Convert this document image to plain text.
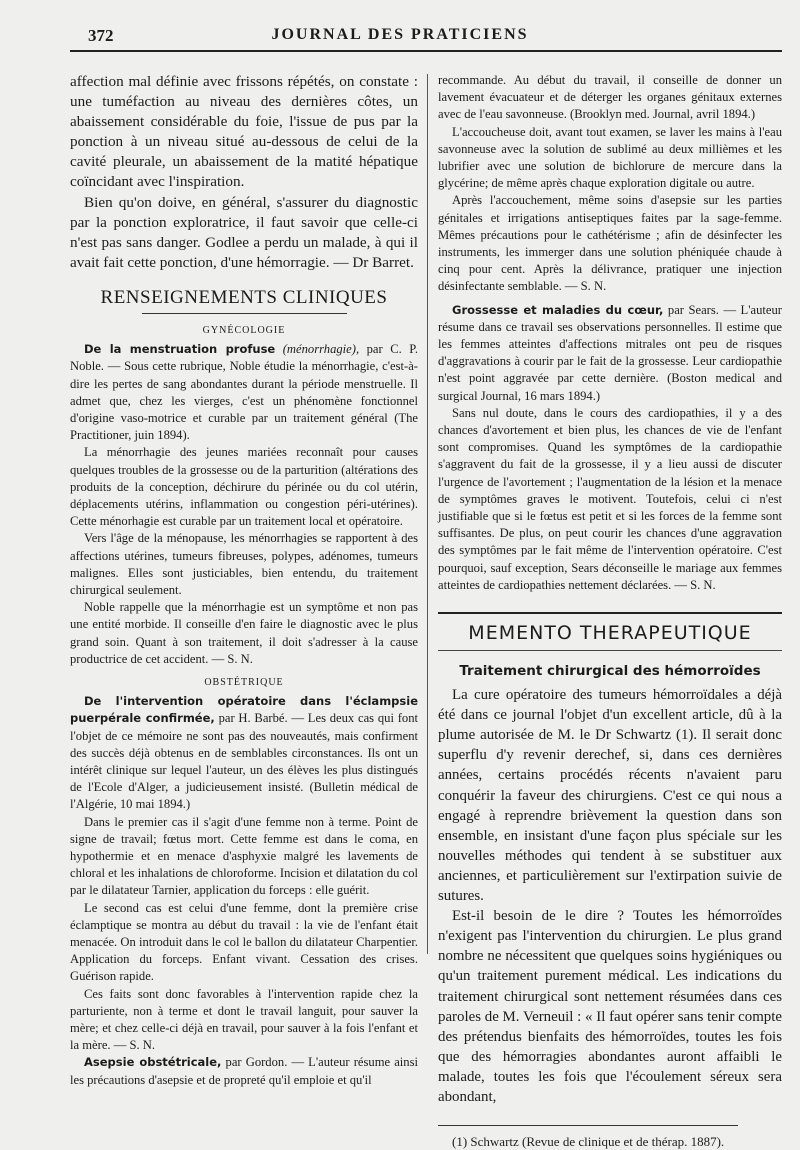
372	JOURNAL DES PRATICIENS

affection mal définie avec frissons répétés, on constate : une tuméfaction au niveau des dernières côtes, un abaissement considérable du foie, l'issue de pus par la ponction à un niveau situé au-dessous de celui de la cavité pleurale, un abaissement de la matité hépatique coïncidant avec l'inspiration.

Bien qu'on doive, en général, s'assurer du diagnostic par la ponction exploratrice, il faut savoir que celle-ci n'est pas sans danger. Godlee a perdu un malade, à qui il avait fait cette ponction, d'une hémorragie. — Dr Barret.

RENSEIGNEMENTS CLINIQUES
GYNÉCOLOGIE

De la menstruation profuse (ménorrhagie), par C. P. Noble. — Sous cette rubrique, Noble étudie la ménorrhagie, c'est-à-dire les pertes de sang abondantes durant la période menstruelle. Il admet que, chez les vierges, c'est un phénomène fonctionnel d'origine vaso-motrice et curable par un traitement général (The Practitioner, juin 1894).

La ménorrhagie des jeunes mariées reconnaît pour causes quelques troubles de la grossesse ou de la parturition (altérations des produits de la conception, déchirure du périnée ou du col utérin, déplacements utérins, inflammation ou congestion péri-utérines). Cette ménorhagie est curable par un traitement local et opératoire.

Vers l'âge de la ménopause, les ménorrhagies se rapportent à des affections utérines, tumeurs fibreuses, polypes, adénomes, tumeurs malignes. Elles sont justiciables, bien entendu, du traitement chirurgical seulement.

Noble rappelle que la ménorrhagie est un symptôme et non pas une entité morbide. Il conseille d'en faire le diagnostic avec le plus grand soin. Quant à son traitement, il doit s'adresser à la cause productrice de cet accident. — S. N.

OBSTÉTRIQUE

De l'intervention opératoire dans l'éclampsie puerpérale confirmée, par H. Barbé. — Les deux cas qui font l'objet de ce mémoire ne sont pas des nouveautés, mais confirment des succès déjà obtenus en de semblables circonstances. Ils ont un intérêt clinique sur lequel l'auteur, un des élèves les plus distingués de l'Ecole d'Alger, a judicieusement insisté. (Bulletin médical de l'Algérie, 10 mai 1894.)

Dans le premier cas il s'agit d'une femme non à terme. Point de signe de travail; fœtus mort. Cette femme est dans le coma, en hypothermie et en menace d'asphyxie malgré les lavements de chloral et les inhalations de chloroforme. Incision et dilatation du col par le dilatateur Tarnier, application du forceps : elle guérit.

Le second cas est celui d'une femme, dont la première crise éclamptique se montra au début du travail : la vie de l'enfant était menacée. On introduit dans le col le ballon du dilatateur Charpentier. Application du forceps. Enfant vivant. Cessation des crises. Guérison rapide.

Ces faits sont donc favorables à l'intervention rapide chez la parturiente, non à terme et dont le travail languit, pour sauver la mère; et chez celle-ci déjà en travail, pour sauver à la fois l'enfant et la mère. — S. N.

Asepsie obstétricale, par Gordon. — L'auteur résume ainsi les précautions d'asepsie et de propreté qu'il emploie et qu'il

recommande. Au début du travail, il conseille de donner un lavement évacuateur et de déterger les organes génitaux externes avec de l'eau savonneuse. (Brooklyn med. Journal, avril 1894.)

L'accoucheuse doit, avant tout examen, se laver les mains à l'eau savonneuse avec la solution de sublimé au deux millièmes et les lubrifier avec une solution de bichlorure de mercure dans la glycérine; de même après chaque exploration digitale ou autre.

Après l'accouchement, même soins d'asepsie sur les parties génitales et irrigations antiseptiques faites par la sage-femme. Mêmes précautions pour le cathétérisme ; afin de désinfecter les instruments, les immerger dans une solution phéniquée chaude à cinq pour cent. Après la délivrance, pratiquer une injection désinfectante semblable. — S. N.

Grossesse et maladies du cœur, par Sears. — L'auteur résume dans ce travail ses observations personnelles. Il estime que les femmes atteintes d'affections mitrales ont peu de risques d'aggravations à courir par le fait de la grossesse. Leur cardiopathie n'est point aggravée par cette dernière. (Boston medical and surgical Journal, 16 mars 1894.)

Sans nul doute, dans le cours des cardiopathies, il y a des chances d'avortement et bien plus, les chances de vie de l'enfant sont compromises. Quand les symptômes de la cardiopathie s'aggravent du fait de la grossesse, il y a lieu aussi de discuter l'urgence de l'avortement ; l'augmentation de la lésion et la menace de symptômes graves le motivent. Toutefois, celui ci n'est justifiable que si le fœtus est petit et si les forces de la femme sont suffisantes. De plus, on peut courir les chances d'une aggravation des symptômes par le fait même de l'intervention opératoire. C'est pourquoi, sauf exception, Sears déconseille le mariage aux femmes atteintes de cardiopathies nettement déclarées. — S. N.

MEMENTO THERAPEUTIQUE
Traitement chirurgical des hémorroïdes

La cure opératoire des tumeurs hémorroïdales a déjà été dans ce journal l'objet d'un excellent article, dû à la plume autorisée de M. le Dr Schwartz (1). Il serait donc superflu d'y revenir derechef, si, dans ces dernières années, certains procédés récents n'avaient paru conquérir la faveur des chirurgiens. C'est ce qui nous a engagé à reprendre brièvement la question dans son ensemble, en insistant d'une façon plus spéciale sur les nouvelles méthodes qui tendent à se substituer aux anciennes, et particulièrement sur l'extirpation suivie de sutures.

Est-il besoin de le dire ? Toutes les hémorroïdes n'exigent pas l'intervention du chirurgien. Le plus grand nombre ne nécessitent que quelques soins hygiéniques ou qu'un traitement purement médical. Les indications du traitement chirurgical sont nettement résumées dans ces paroles de M. Verneuil : « Il faut opérer sans tenir compte des prétendus bienfaits des hémorroïdes, toutes les fois que des hémorragies abondantes auront affaibli le malade, toutes les fois que l'écoulement séreux sera abondant,

(1) Schwartz (Revue de clinique et de thérap. 1887).
